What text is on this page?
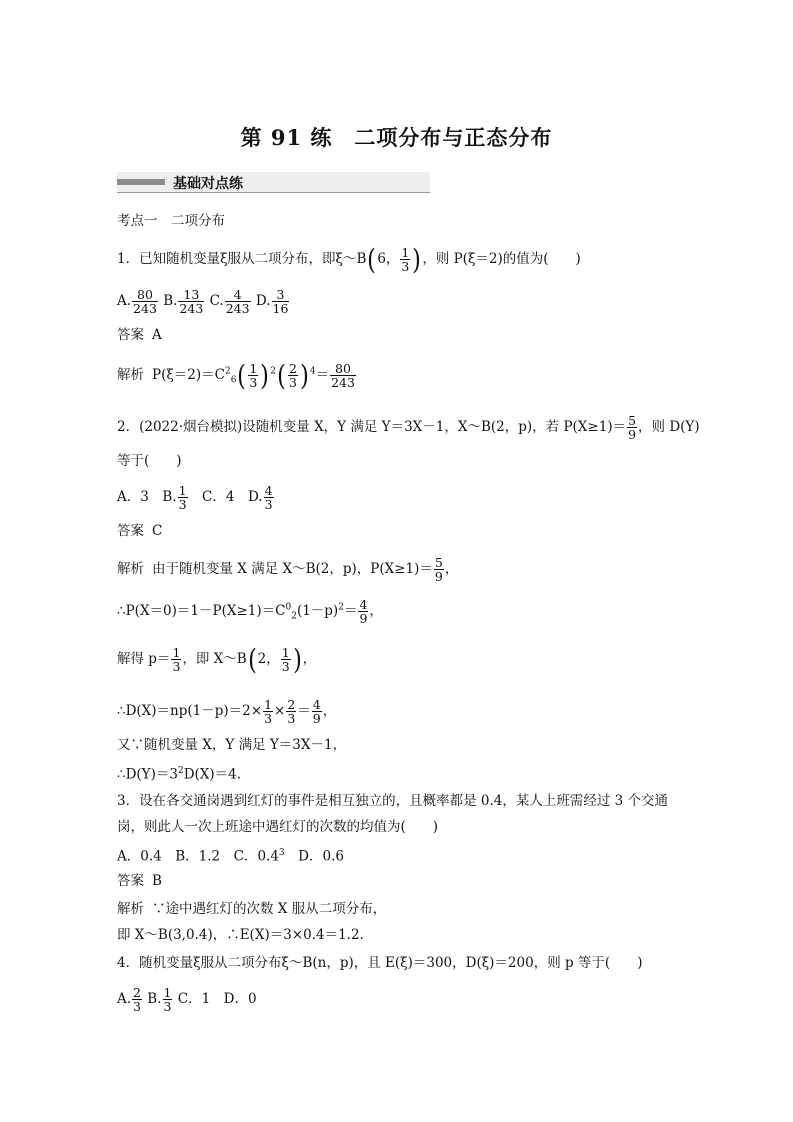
第 91 练　二项分布与正态分布
基础对点练
考点一　二项分布
1．已知随机变量ξ服从二项分布，即ξ～B(6， $\frac{1}{3}$ )，则 P(ξ＝2)的值为(　　)
A. $\frac{80}{243} B$. $\frac{13}{243} C$. $\frac{4}{243} D$. $\frac{3}{16}$
答案 A
解析 $P(\xi=2)=C^2_6( \frac{1}{3} )^2( \frac{2}{3} )^4= \frac{80}{243}$
2．(2022·烟台模拟)设随机变量 X，Y 满足 Y＝3X－1，X～B(2，p)，若 $P(X\ge 1)= \frac{5}{9}$ ，则 D(Y)
等于(　　)
A．3　 B. $\frac{1}{3}$
　 C．4　 D. $\frac{4}{3}$
答案 C
解析 由于随机变量 X 满足 X～B(2，p)，$P(X\ge 1)= \frac{5}{9}$ ，
$\therefore P(X=0)=1-P(X\ge 1)=C^0_2(1-p)^2= \frac{4}{9}$ ，
解得 $p= \frac{1}{3}$ ，即 X～B(2， $\frac{1}{3}$ )，
∴D(X)＝np(1－p)＝2× $\frac{1}{3} \times \frac{2}{3} = \frac{4}{9}$ ，
又∵随机变量 X，Y 满足 Y＝3X－1，
$\therefore D(Y)=3^2D(X)=4$.
3．设在各交通岗遇到红灯的事件是相互独立的，且概率都是 0.4，某人上班需经过 3 个交通
岗，则此人一次上班途中遇红灯的次数的均值为(　　)
A．0.4　B．1.2　C．$0.4^3$　D．0.6
答案 B
解析 ∵途中遇红灯的次数 X 服从二项分布，
即 X～B(3,0.4)，∴E(X)＝3×0.4＝1.2.
4．随机变量ξ服从二项分布ξ～B(n，p)，且 E(ξ)＝300，D(ξ)＝200，则 p 等于(　　)
A. $\frac{2}{3} B$. $\frac{1}{3}$ C．1　D．0
